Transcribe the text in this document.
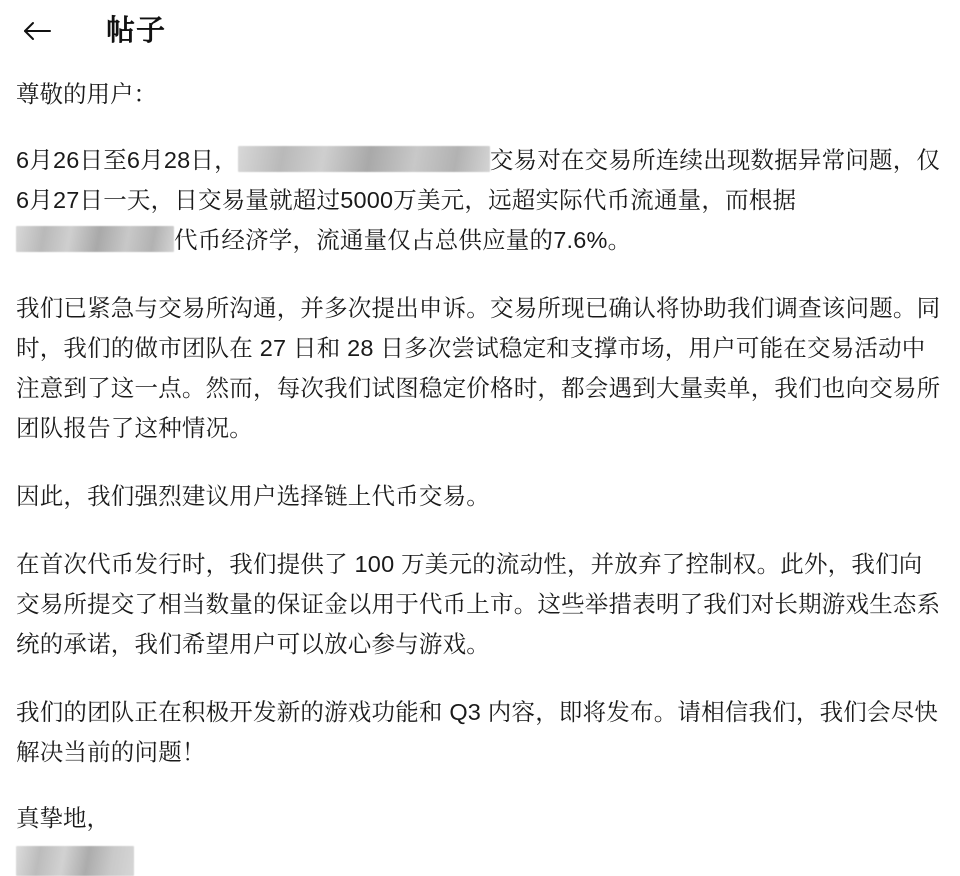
帖子
尊敬的用户：

6月26日至6月28日，	交易对在交易所连续出现数据异常问题，仅6月27日一天，日交易量就超过5000万美元，远超实际代币流通量，而根据代币经济学，流通量仅占总供应量的7.6%。

我们已紧急与交易所沟通，并多次提出申诉。交易所现已确认将协助我们调查该问题。同时，我们的做市团队在 27 日和 28 日多次尝试稳定和支撑市场，用户可能在交易活动中注意到了这一点。然而，每次我们试图稳定价格时，都会遇到大量卖单，我们也向交易所团队报告了这种情况。

因此，我们强烈建议用户选择链上代币交易。

在首次代币发行时，我们提供了 100 万美元的流动性，并放弃了控制权。此外，我们向交易所提交了相当数量的保证金以用于代币上市。这些举措表明了我们对长期游戏生态系统的承诺，我们希望用户可以放心参与游戏。

我们的团队正在积极开发新的游戏功能和 Q3 内容，即将发布。请相信我们，我们会尽快解决当前的问题！

真挚地，
